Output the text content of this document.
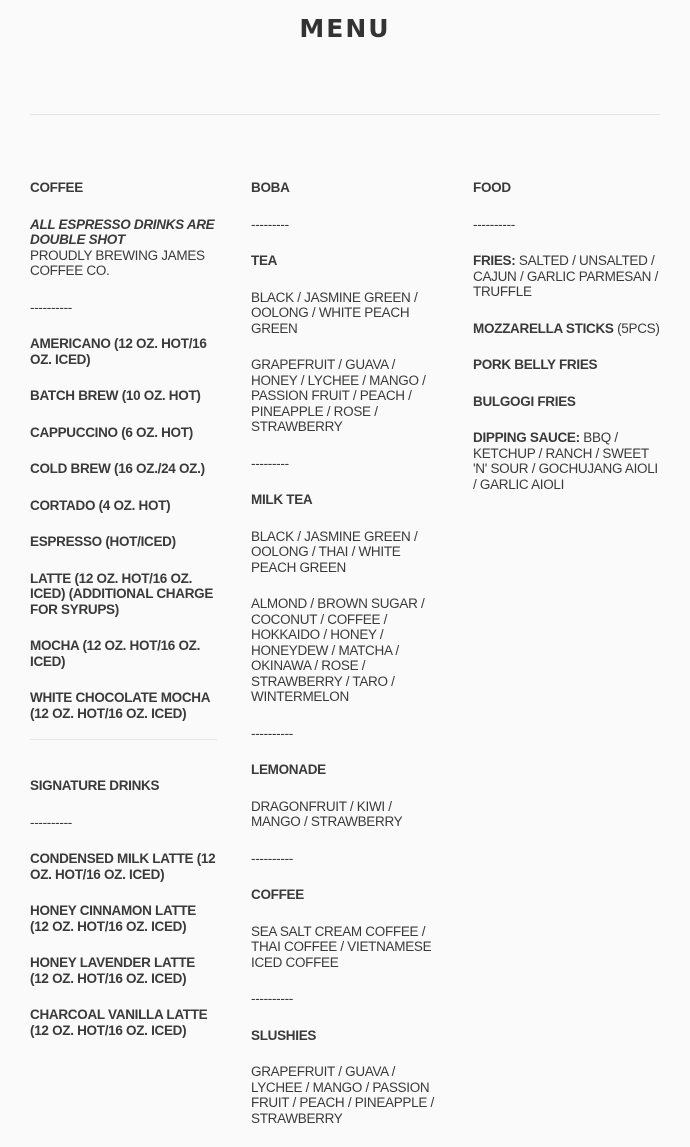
MENU
COFFEE
ALL ESPRESSO DRINKS ARE
DOUBLE SHOT
PROUDLY BREWING JAMES
COFFEE CO.
----------
AMERICANO (12 OZ. HOT/16 OZ. ICED)
BATCH BREW (10 OZ. HOT)
CAPPUCCINO (6 OZ. HOT)
COLD BREW (16 OZ./24 OZ.)
CORTADO (4 OZ. HOT)
ESPRESSO (HOT/ICED)
LATTE (12 OZ. HOT/16 OZ. ICED) (ADDITIONAL CHARGE FOR SYRUPS)
MOCHA (12 OZ. HOT/16 OZ. ICED)
WHITE CHOCOLATE MOCHA (12 OZ. HOT/16 OZ. ICED)
SIGNATURE DRINKS
----------
CONDENSED MILK LATTE (12 OZ. HOT/16 OZ. ICED)
HONEY CINNAMON LATTE (12 OZ. HOT/16 OZ. ICED)
HONEY LAVENDER LATTE (12 OZ. HOT/16 OZ. ICED)
CHARCOAL VANILLA LATTE (12 OZ. HOT/16 OZ. ICED)
BOBA
---------
TEA
BLACK / JASMINE GREEN / OOLONG / WHITE PEACH GREEN
GRAPEFRUIT / GUAVA / HONEY / LYCHEE / MANGO / PASSION FRUIT / PEACH / PINEAPPLE / ROSE / STRAWBERRY
---------
MILK TEA
BLACK / JASMINE GREEN / OOLONG / THAI / WHITE PEACH GREEN
ALMOND / BROWN SUGAR / COCONUT / COFFEE / HOKKAIDO / HONEY / HONEYDEW / MATCHA / OKINAWA / ROSE / STRAWBERRY / TARO / WINTERMELON
----------
LEMONADE
DRAGONFRUIT / KIWI / MANGO / STRAWBERRY
----------
COFFEE
SEA SALT CREAM COFFEE / THAI COFFEE / VIETNAMESE ICED COFFEE
----------
SLUSHIES
GRAPEFRUIT / GUAVA / LYCHEE / MANGO / PASSION FRUIT / PEACH / PINEAPPLE / STRAWBERRY
FOOD
----------
FRIES: SALTED / UNSALTED / CAJUN / GARLIC PARMESAN / TRUFFLE
MOZZARELLA STICKS (5PCS)
PORK BELLY FRIES
BULGOGI FRIES
DIPPING SAUCE: BBQ / KETCHUP / RANCH / SWEET 'N' SOUR / GOCHUJANG AIOLI / GARLIC AIOLI
